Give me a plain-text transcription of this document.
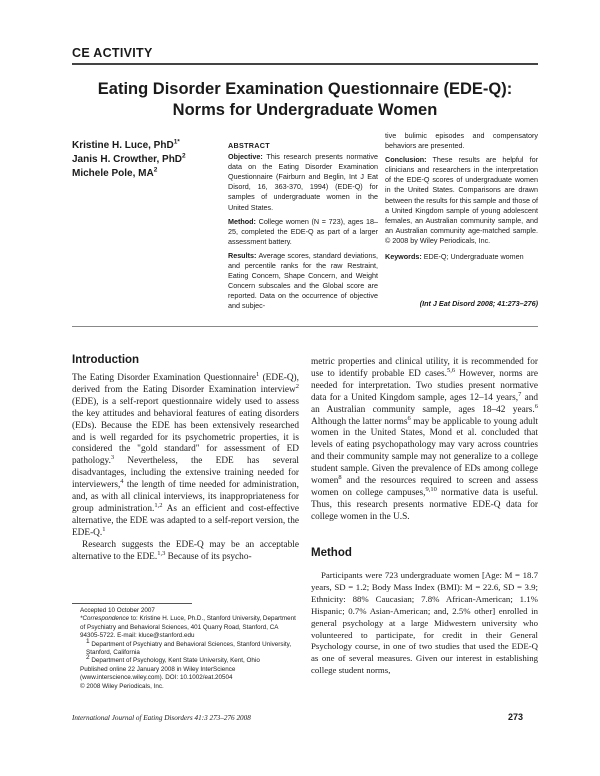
CE ACTIVITY
Eating Disorder Examination Questionnaire (EDE-Q):
Norms for Undergraduate Women
Kristine H. Luce, PhD$^{1*}$
Janis H. Crowther, PhD$^2$
Michele Pole, $MA^2$
ABSTRACT

Objective: This research presents normative data on the Eating Disorder Examination Questionnaire (Fairburn and Beglin, Int J Eat Disord, 16, 363-370, 1994) (EDE-Q) for samples of undergraduate women in the United States.

Method: College women (N = 723), ages 18–25, completed the EDE-Q as part of a larger assessment battery.

Results: Average scores, standard deviations, and percentile ranks for the raw Restraint, Eating Concern, Shape Concern, and Weight Concern subscales and the Global score are reported. Data on the occurrence of objective and subjec-

tive bulimic episodes and compensatory behaviors are presented.

Conclusion: These results are helpful for clinicians and researchers in the interpretation of the EDE-Q scores of undergraduate women in the United States. Comparisons are drawn between the results for this sample and those of a United Kingdom sample of young adolescent females, an Australian community sample, and an Australian community age-matched sample. © 2008 by Wiley Periodicals, Inc.

Keywords: EDE-Q; Undergraduate women

(Int J Eat Disord 2008; 41:273–276)
Introduction

The Eating Disorder Examination Questionnaire$^1$ (EDE-Q), derived from the Eating Disorder Examination interview$^2$ (EDE), is a self-report questionnaire widely used to assess the key attitudes and behavioral features of eating disorders (EDs). Because the EDE has been extensively researched and is well regarded for its psychometric properties, it is considered the "gold standard" for assessment of ED pathology.$^3$ Nevertheless, the EDE has several disadvantages, including the extensive training needed for interviewers,$^4$ the length of time needed for administration, and, as with all clinical interviews, its inappropriateness for group administration.$^{1,2}$ As an efficient and cost-effective alternative, the EDE was adapted to a self-report version, the EDE-Q.$^1$

Research suggests the EDE-Q may be an acceptable alternative to the EDE.$^{1,3}$ Because of its psycho-

metric properties and clinical utility, it is recommended for use to identify probable ED cases.$^{5,6}$ However, norms are needed for interpretation. Two studies present normative data for a United Kingdom sample, ages 12–14 years,$^7$ and an Australian community sample, ages 18–42 years.$^6$ Although the latter norms$^6$ may be applicable to young adult women in the United States, Mond et al. concluded that levels of eating psychopathology may vary across countries and their community sample may not generalize to a college student sample. Given the prevalence of EDs among college women$^8$ and the resources required to screen and assess women on college campuses,$^{9,10}$ normative data is useful. Thus, this research presents normative EDE-Q data for college women in the U.S.

Method

Participants were 723 undergraduate women [Age: M = 18.7 years, SD = 1.2; Body Mass Index (BMI): M = 22.6, SD = 3.9; Ethnicity: 88% Caucasian; 7.8% African-American; 1.1% Hispanic; 0.7% Asian-American; and, 2.5% other] enrolled in general psychology at a large Midwestern university who volunteered to participate, for credit in their General Psychology course, in one of two studies that used the EDE-Q as one of several measures. Given our interest in establishing college student norms,

Accepted 10 October 2007
*Correspondence to: Kristine H. Luce, Ph.D., Stanford University, Department of Psychiatry and Behavioral Sciences, 401 Quarry Road, Stanford, CA 94305-5722. E-mail: kluce@stanford.edu
$^1$ Department of Psychiatry and Behavioral Sciences, Stanford University, Stanford, California
$^2$ Department of Psychology, Kent State University, Kent, Ohio
Published online 22 January 2008 in Wiley InterScience (www.interscience.wiley.com). DOI: 10.1002/eat.20504
© 2008 Wiley Periodicals, Inc.
International Journal of Eating Disorders 41:3 273–276 2008	273
